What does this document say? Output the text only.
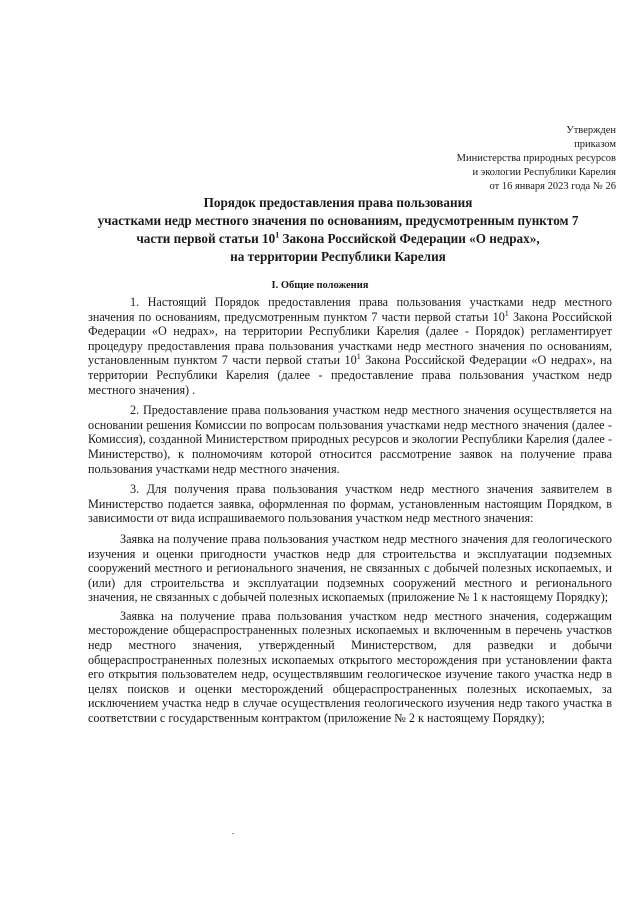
Утвержден
приказом
Министерства природных ресурсов
и экологии Республики Карелия
от 16 января 2023 года № 26
Порядок предоставления права пользования
участками недр местного значения по основаниям, предусмотренным пунктом 7
части первой статьи $10^1$ Закона Российской Федерации «О недрах»,
на территории Республики Карелия
I. Общие положения

1. Настоящий Порядок предоставления права пользования участками недр местного значения по основаниям, предусмотренным пунктом 7 части первой статьи $10^1$ Закона Российской Федерации «О недрах», на территории Республики Карелия (далее - Порядок) регламентирует процедуру предоставления права пользования участками недр местного значения по основаниям, установленным пунктом 7 части первой статьи $10^1$ Закона Российской Федерации «О недрах», на территории Республики Карелия (далее - предоставление права пользования участком недр местного значения) .

2. Предоставление права пользования участком недр местного значения осуществляется на основании решения Комиссии по вопросам пользования участками недр местного значения (далее - Комиссия), созданной Министерством природных ресурсов и экологии Республики Карелия (далее - Министерство), к полномочиям которой относится рассмотрение заявок на получение права пользования участками недр местного значения.

3. Для получения права пользования участком недр местного значения заявителем в Министерство подается заявка, оформленная по формам, установленным настоящим Порядком, в зависимости от вида испрашиваемого пользования участком недр местного значения:

Заявка на получение права пользования участком недр местного значения для геологического изучения и оценки пригодности участков недр для строительства и эксплуатации подземных сооружений местного и регионального значения, не связанных с добычей полезных ископаемых, и (или) для строительства и эксплуатации подземных сооружений местного и регионального значения, не связанных с добычей полезных ископаемых (приложение № 1 к настоящему Порядку);

Заявка на получение права пользования участком недр местного значения, содержащим месторождение общераспространенных полезных ископаемых и включенным в перечень участков недр местного значения, утвержденный Министерством, для разведки и добычи общераспространенных полезных ископаемых открытого месторождения при установлении факта его открытия пользователем недр, осуществлявшим геологическое изучение такого участка недр в целях поисков и оценки месторождений общераспространенных полезных ископаемых, за исключением участка недр в случае осуществления геологического изучения недр такого участка в соответствии с государственным контрактом (приложение № 2 к настоящему Порядку);
